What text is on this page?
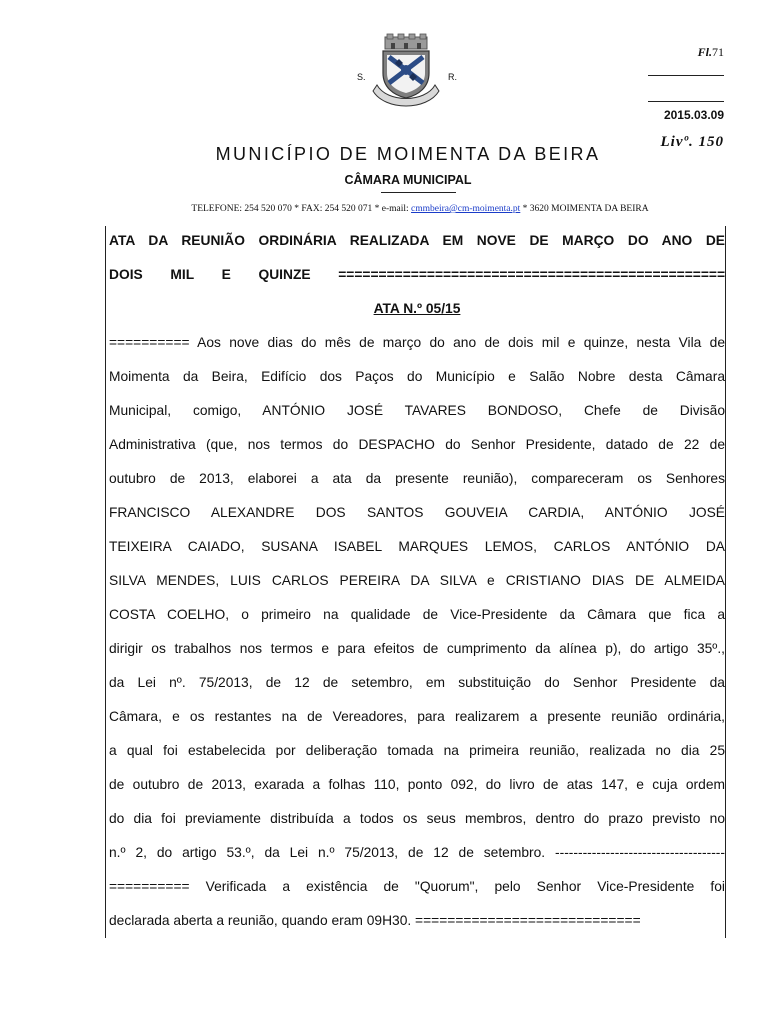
S.	R.
Fl.71
2015.03.09
Livº. 150
MUNICÍPIO DE MOIMENTA DA BEIRA
CÂMARA MUNICIPAL
TELEFONE: 254 520 070 * FAX: 254 520 071 * e-mail: cmmbeira@cm-moimenta.pt * 3620 MOIMENTA DA BEIRA
ATA DA REUNIÃO ORDINÁRIA REALIZADA EM NOVE DE MARÇO DO ANO DE
DOIS MIL E QUINZE ================================================
ATA N.º 05/15
========== Aos nove dias do mês de março do ano de dois mil e quinze, nesta Vila de
Moimenta da Beira, Edifício dos Paços do Município e Salão Nobre desta Câmara
Municipal, comigo, ANTÓNIO JOSÉ TAVARES BONDOSO, Chefe de Divisão
Administrativa (que, nos termos do DESPACHO do Senhor Presidente, datado de 22 de
outubro de 2013, elaborei a ata da presente reunião), compareceram os Senhores
FRANCISCO ALEXANDRE DOS SANTOS GOUVEIA CARDIA, ANTÓNIO JOSÉ
TEIXEIRA CAIADO, SUSANA ISABEL MARQUES LEMOS, CARLOS ANTÓNIO DA
SILVA MENDES, LUIS CARLOS PEREIRA DA SILVA e CRISTIANO DIAS DE ALMEIDA
COSTA COELHO, o primeiro na qualidade de Vice-Presidente da Câmara que fica a
dirigir os trabalhos nos termos e para efeitos de cumprimento da alínea p), do artigo 35º.,
da Lei nº. 75/2013, de 12 de setembro, em substituição do Senhor Presidente da
Câmara, e os restantes na de Vereadores, para realizarem a presente reunião ordinária,
a qual foi estabelecida por deliberação tomada na primeira reunião, realizada no dia 25
de outubro de 2013, exarada a folhas 110, ponto 092, do livro de atas 147, e cuja ordem
do dia foi previamente distribuída a todos os seus membros, dentro do prazo previsto no
n.º 2, do artigo 53.º, da Lei n.º 75/2013, de 12 de setembro. -------------------------------------
========== Verificada a existência de "Quorum", pelo Senhor Vice-Presidente foi
declarada aberta a reunião, quando eram 09H30. ============================
